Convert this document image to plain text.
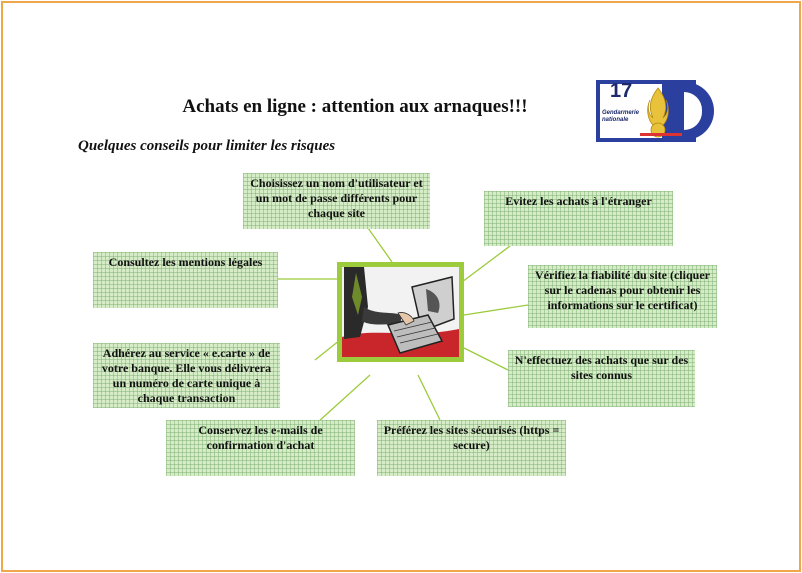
Achats en ligne : attention aux arnaques!!!
Quelques conseils pour limiter les risques
17
Gendarmerie nationale
Choisissez un nom d'utilisateur et un mot de passe différents pour chaque site
Evitez les achats à l'étranger
Consultez les mentions légales
Vérifiez la fiabilité du site (cliquer sur le cadenas pour obtenir les informations sur le certificat)
Adhérez au service « e.carte » de votre banque. Elle vous délivrera un numéro de carte unique à chaque transaction
N'effectuez des achats que sur des sites connus
Conservez les e-mails de confirmation d'achat
Préférez les sites sécurisés (https = secure)
